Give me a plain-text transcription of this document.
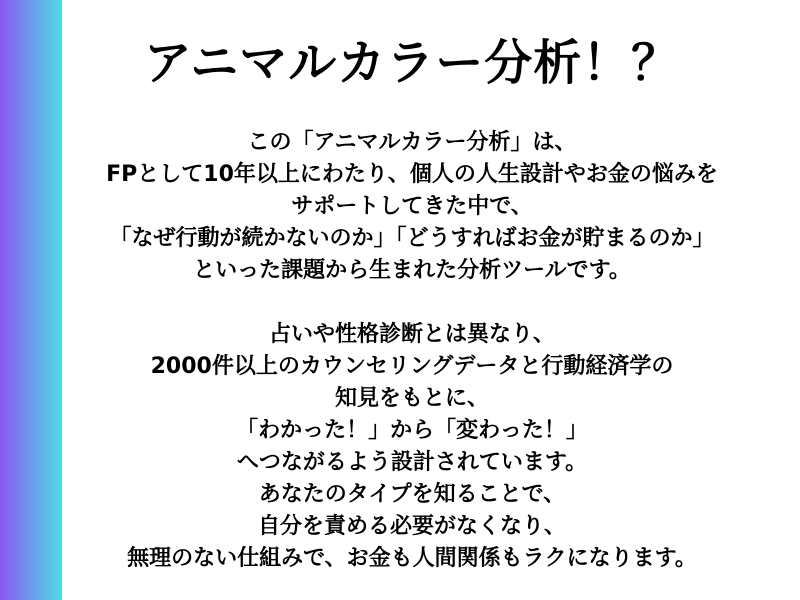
アニマルカラー分析！？
この「アニマルカラー分析」は、
FPとして10年以上にわたり、個人の人生設計やお金の悩みを
サポートしてきた中で、
「なぜ行動が続かないのか」「どうすればお金が貯まるのか」
といった課題から生まれた分析ツールです。
占いや性格診断とは異なり、
2000件以上のカウンセリングデータと行動経済学の
知見をもとに、
「わかった！」から「変わった！」
へつながるよう設計されています。
あなたのタイプを知ることで、
自分を責める必要がなくなり、
無理のない仕組みで、お金も人間関係もラクになります。
